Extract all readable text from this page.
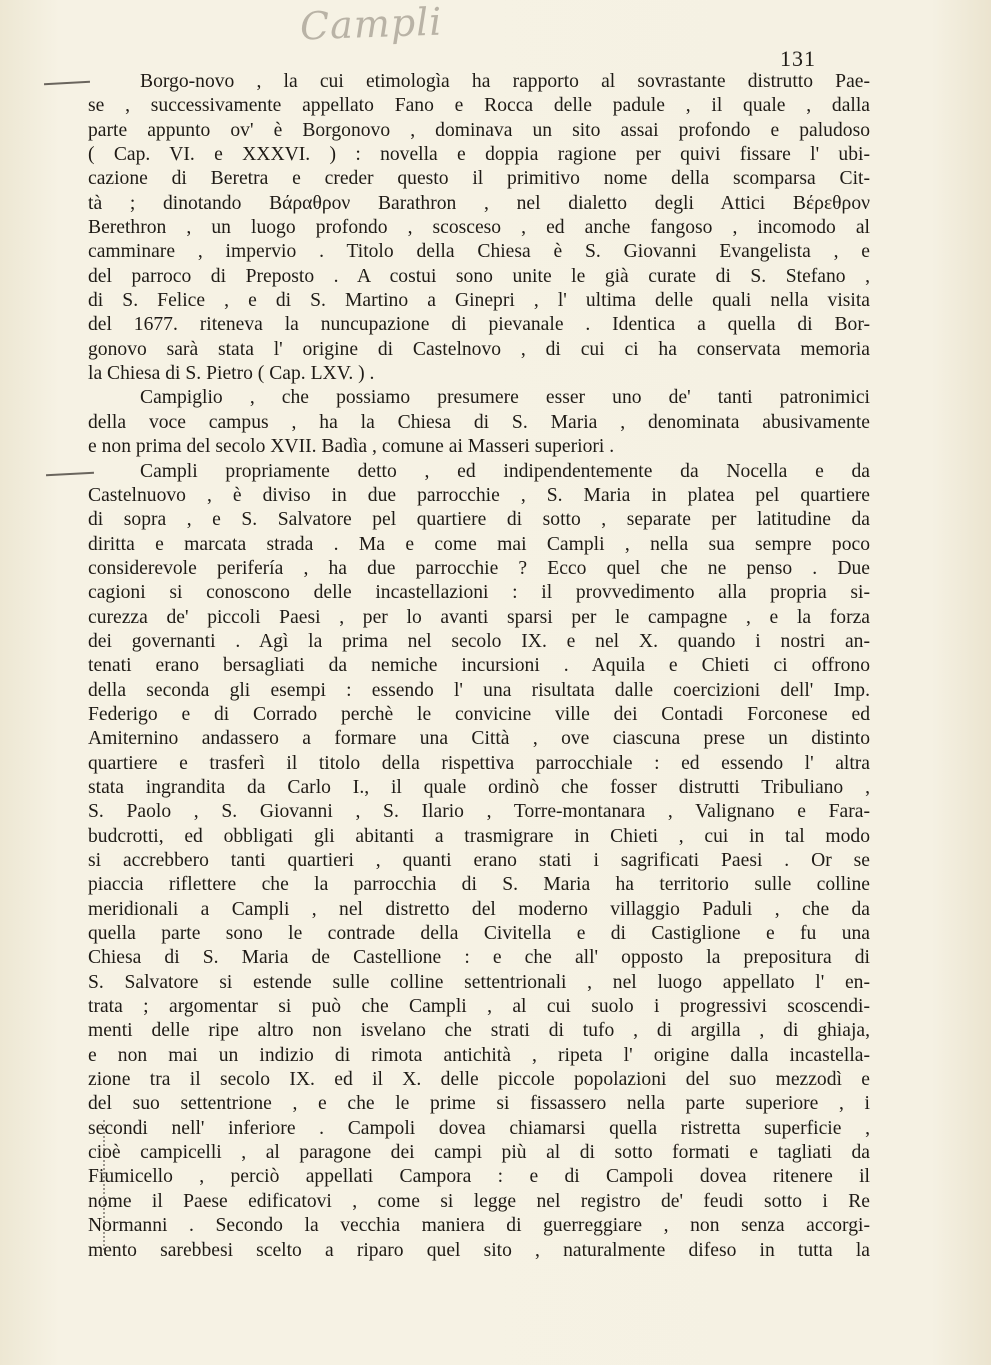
Campli
131
Borgo-novo , la cui etimologìa ha rapporto al sovrastante distrutto Pae-
se , successivamente appellato Fano e Rocca delle padule , il quale , dalla
parte appunto ov' è Borgonovo , dominava un sito assai profondo e paludoso
( Cap. VI. e XXXVI. ) : novella e doppia ragione per quivi fissare l' ubi-
cazione di Beretra e creder questo il primitivo nome della scomparsa Cit-
tà ; dinotando Βάραθρον Barathron , nel dialetto degli Attici Βέρεθρον
Berethron , un luogo profondo , scosceso , ed anche fangoso , incomodo al
camminare , impervio . Titolo della Chiesa è S. Giovanni Evangelista , e
del parroco di Preposto . A costui sono unite le già curate di S. Stefano ,
di S. Felice , e di S. Martino a Ginepri , l' ultima delle quali nella visita
del 1677. riteneva la nuncupazione di pievanale . Identica a quella di Bor-
gonovo sarà stata l' origine di Castelnovo , di cui ci ha conservata memoria
la Chiesa di S. Pietro ( Cap. LXV. ) .
Campiglio , che possiamo presumere esser uno de' tanti patronimici
della voce campus , ha la Chiesa di S. Maria , denominata abusivamente
e non prima del secolo XVII. Badìa , comune ai Masseri superiori .
Campli propriamente detto , ed indipendentemente da Nocella e da
Castelnuovo , è diviso in due parrocchie , S. Maria in platea pel quartiere
di sopra , e S. Salvatore pel quartiere di sotto , separate per latitudine da
diritta e marcata strada . Ma e come mai Campli , nella sua sempre poco
considerevole perifería , ha due parrocchie ? Ecco quel che ne penso . Due
cagioni si conoscono delle incastellazioni : il provvedimento alla propria si-
curezza de' piccoli Paesi , per lo avanti sparsi per le campagne , e la forza
dei governanti . Agì la prima nel secolo IX. e nel X. quando i nostri an-
tenati erano bersagliati da nemiche incursioni . Aquila e Chieti ci offrono
della seconda gli esempi : essendo l' una risultata dalle coercizioni dell' Imp.
Federigo e di Corrado perchè le convicine ville dei Contadi Forconese ed
Amiternino andassero a formare una Città , ove ciascuna prese un distinto
quartiere e trasferì il titolo della rispettiva parrocchiale : ed essendo l' altra
stata ingrandita da Carlo I., il quale ordinò che fosser distrutti Tribuliano ,
S. Paolo , S. Giovanni , S. Ilario , Torre-montanara , Valignano e Fara-
budcrotti, ed obbligati gli abitanti a trasmigrare in Chieti , cui in tal modo
si accrebbero tanti quartieri , quanti erano stati i sagrificati Paesi . Or se
piaccia riflettere che la parrocchia di S. Maria ha territorio sulle colline
meridionali a Campli , nel distretto del moderno villaggio Paduli , che da
quella parte sono le contrade della Civitella e di Castiglione e fu una
Chiesa di S. Maria de Castellione : e che all' opposto la prepositura di
S. Salvatore si estende sulle colline settentrionali , nel luogo appellato l' en-
trata ; argomentar si può che Campli , al cui suolo i progressivi scoscendi-
menti delle ripe altro non isvelano che strati di tufo , di argilla , di ghiaja,
e non mai un indizio di rimota antichità , ripeta l' origine dalla incastella-
zione tra il secolo IX. ed il X. delle piccole popolazioni del suo mezzodì e
del suo settentrione , e che le prime si fissassero nella parte superiore , i
secondi nell' inferiore . Campoli dovea chiamarsi quella ristretta superficie ,
cioè campicelli , al paragone dei campi più al di sotto formati e tagliati da
Fiumicello , perciò appellati Campora : e di Campoli dovea ritenere il
nome il Paese edificatovi , come si legge nel registro de' feudi sotto i Re
Normanni . Secondo la vecchia maniera di guerreggiare , non senza accorgi-
mento sarebbesi scelto a riparo quel sito , naturalmente difeso in tutta la
